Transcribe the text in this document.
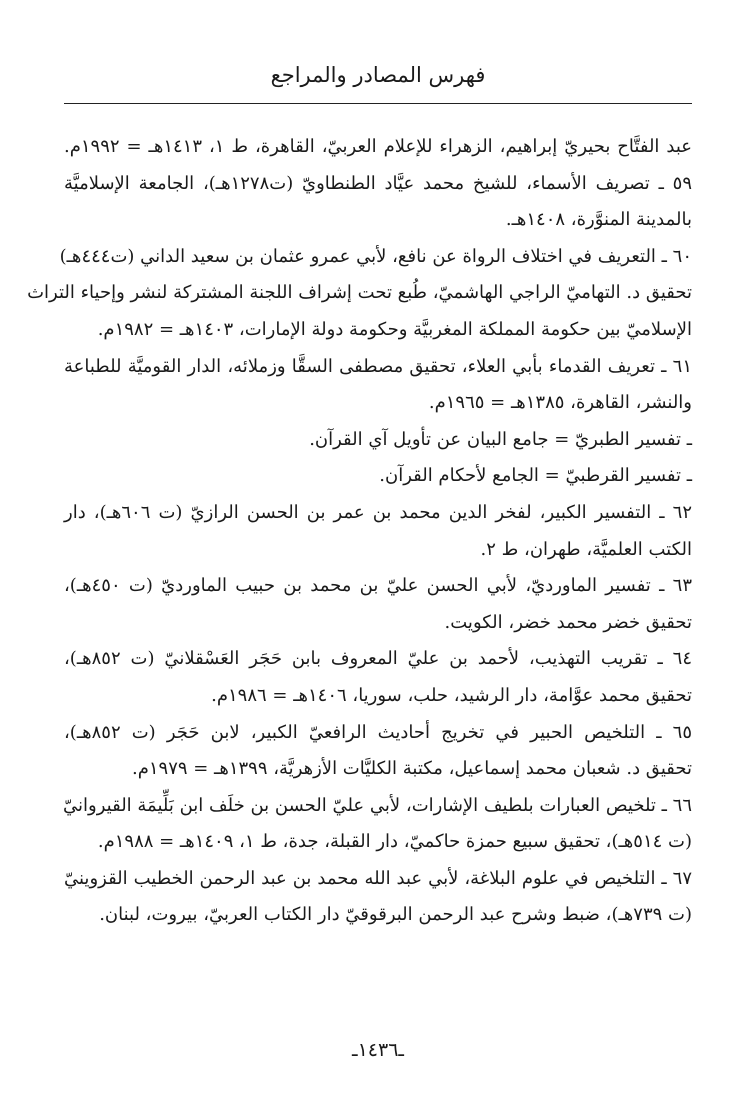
فهرس المصادر والمراجع
عبد الفتَّاح بحيريّ إبراهيم، الزهراء للإعلام العربيّ، القاهرة، ط ١، ١٤١٣هـ = ١٩٩٢م.
٥٩ ـ تصريف الأسماء، للشيخ محمد عيَّاد الطنطاويّ (ت١٢٧٨هـ)، الجامعة الإسلاميَّة
بالمدينة المنوَّرة، ١٤٠٨هـ.
٦٠ ـ التعريف في اختلاف الرواة عن نافع، لأبي عمرو عثمان بن سعيد الداني (ت٤٤٤هـ)
تحقيق د. التهاميّ الراجي الهاشميّ، طُبع تحت إشراف اللجنة المشتركة لنشر وإحياء التراث
الإسلاميّ بين حكومة المملكة المغربيَّة وحكومة دولة الإمارات، ١٤٠٣هـ = ١٩٨٢م.
٦١ ـ تعريف القدماء بأبي العلاء، تحقيق مصطفى السقَّا وزملائه، الدار القوميَّة للطباعة
والنشر، القاهرة، ١٣٨٥هـ = ١٩٦٥م.
ـ تفسير الطبريّ = جامع البيان عن تأويل آي القرآن.
ـ تفسير القرطبيّ = الجامع لأحكام القرآن.
٦٢ ـ التفسير الكبير، لفخر الدين محمد بن عمر بن الحسن الرازيّ (ت ٦٠٦هـ)، دار
الكتب العلميَّة، طهران، ط ٢.
٦٣ ـ تفسير الماورديّ، لأبي الحسن عليّ بن محمد بن حبيب الماورديّ (ت ٤٥٠هـ)،
تحقيق خضر محمد خضر، الكويت.
٦٤ ـ تقريب التهذيب، لأحمد بن عليّ المعروف بابن حَجَر العَسْقلانيّ (ت ٨٥٢هـ)،
تحقيق محمد عوَّامة، دار الرشيد، حلب، سوريا، ١٤٠٦هـ = ١٩٨٦م.
٦٥ ـ التلخيص الحبير في تخريج أحاديث الرافعيّ الكبير، لابن حَجَر (ت ٨٥٢هـ)،
تحقيق د. شعبان محمد إسماعيل، مكتبة الكليَّات الأزهريَّة، ١٣٩٩هـ = ١٩٧٩م.
٦٦ ـ تلخيص العبارات بلطيف الإشارات، لأبي عليّ الحسن بن خلَف ابن بَلِّيمَة القيروانيّ
(ت ٥١٤هـ)، تحقيق سبيع حمزة حاكميّ، دار القبلة، جدة، ط ١، ١٤٠٩هـ = ١٩٨٨م.
٦٧ ـ التلخيص في علوم البلاغة، لأبي عبد الله محمد بن عبد الرحمن الخطيب القزوينيّ
(ت ٧٣٩هـ)، ضبط وشرح عبد الرحمن البرقوقيّ دار الكتاب العربيّ، بيروت، لبنان.
ـ١٤٣٦ـ
